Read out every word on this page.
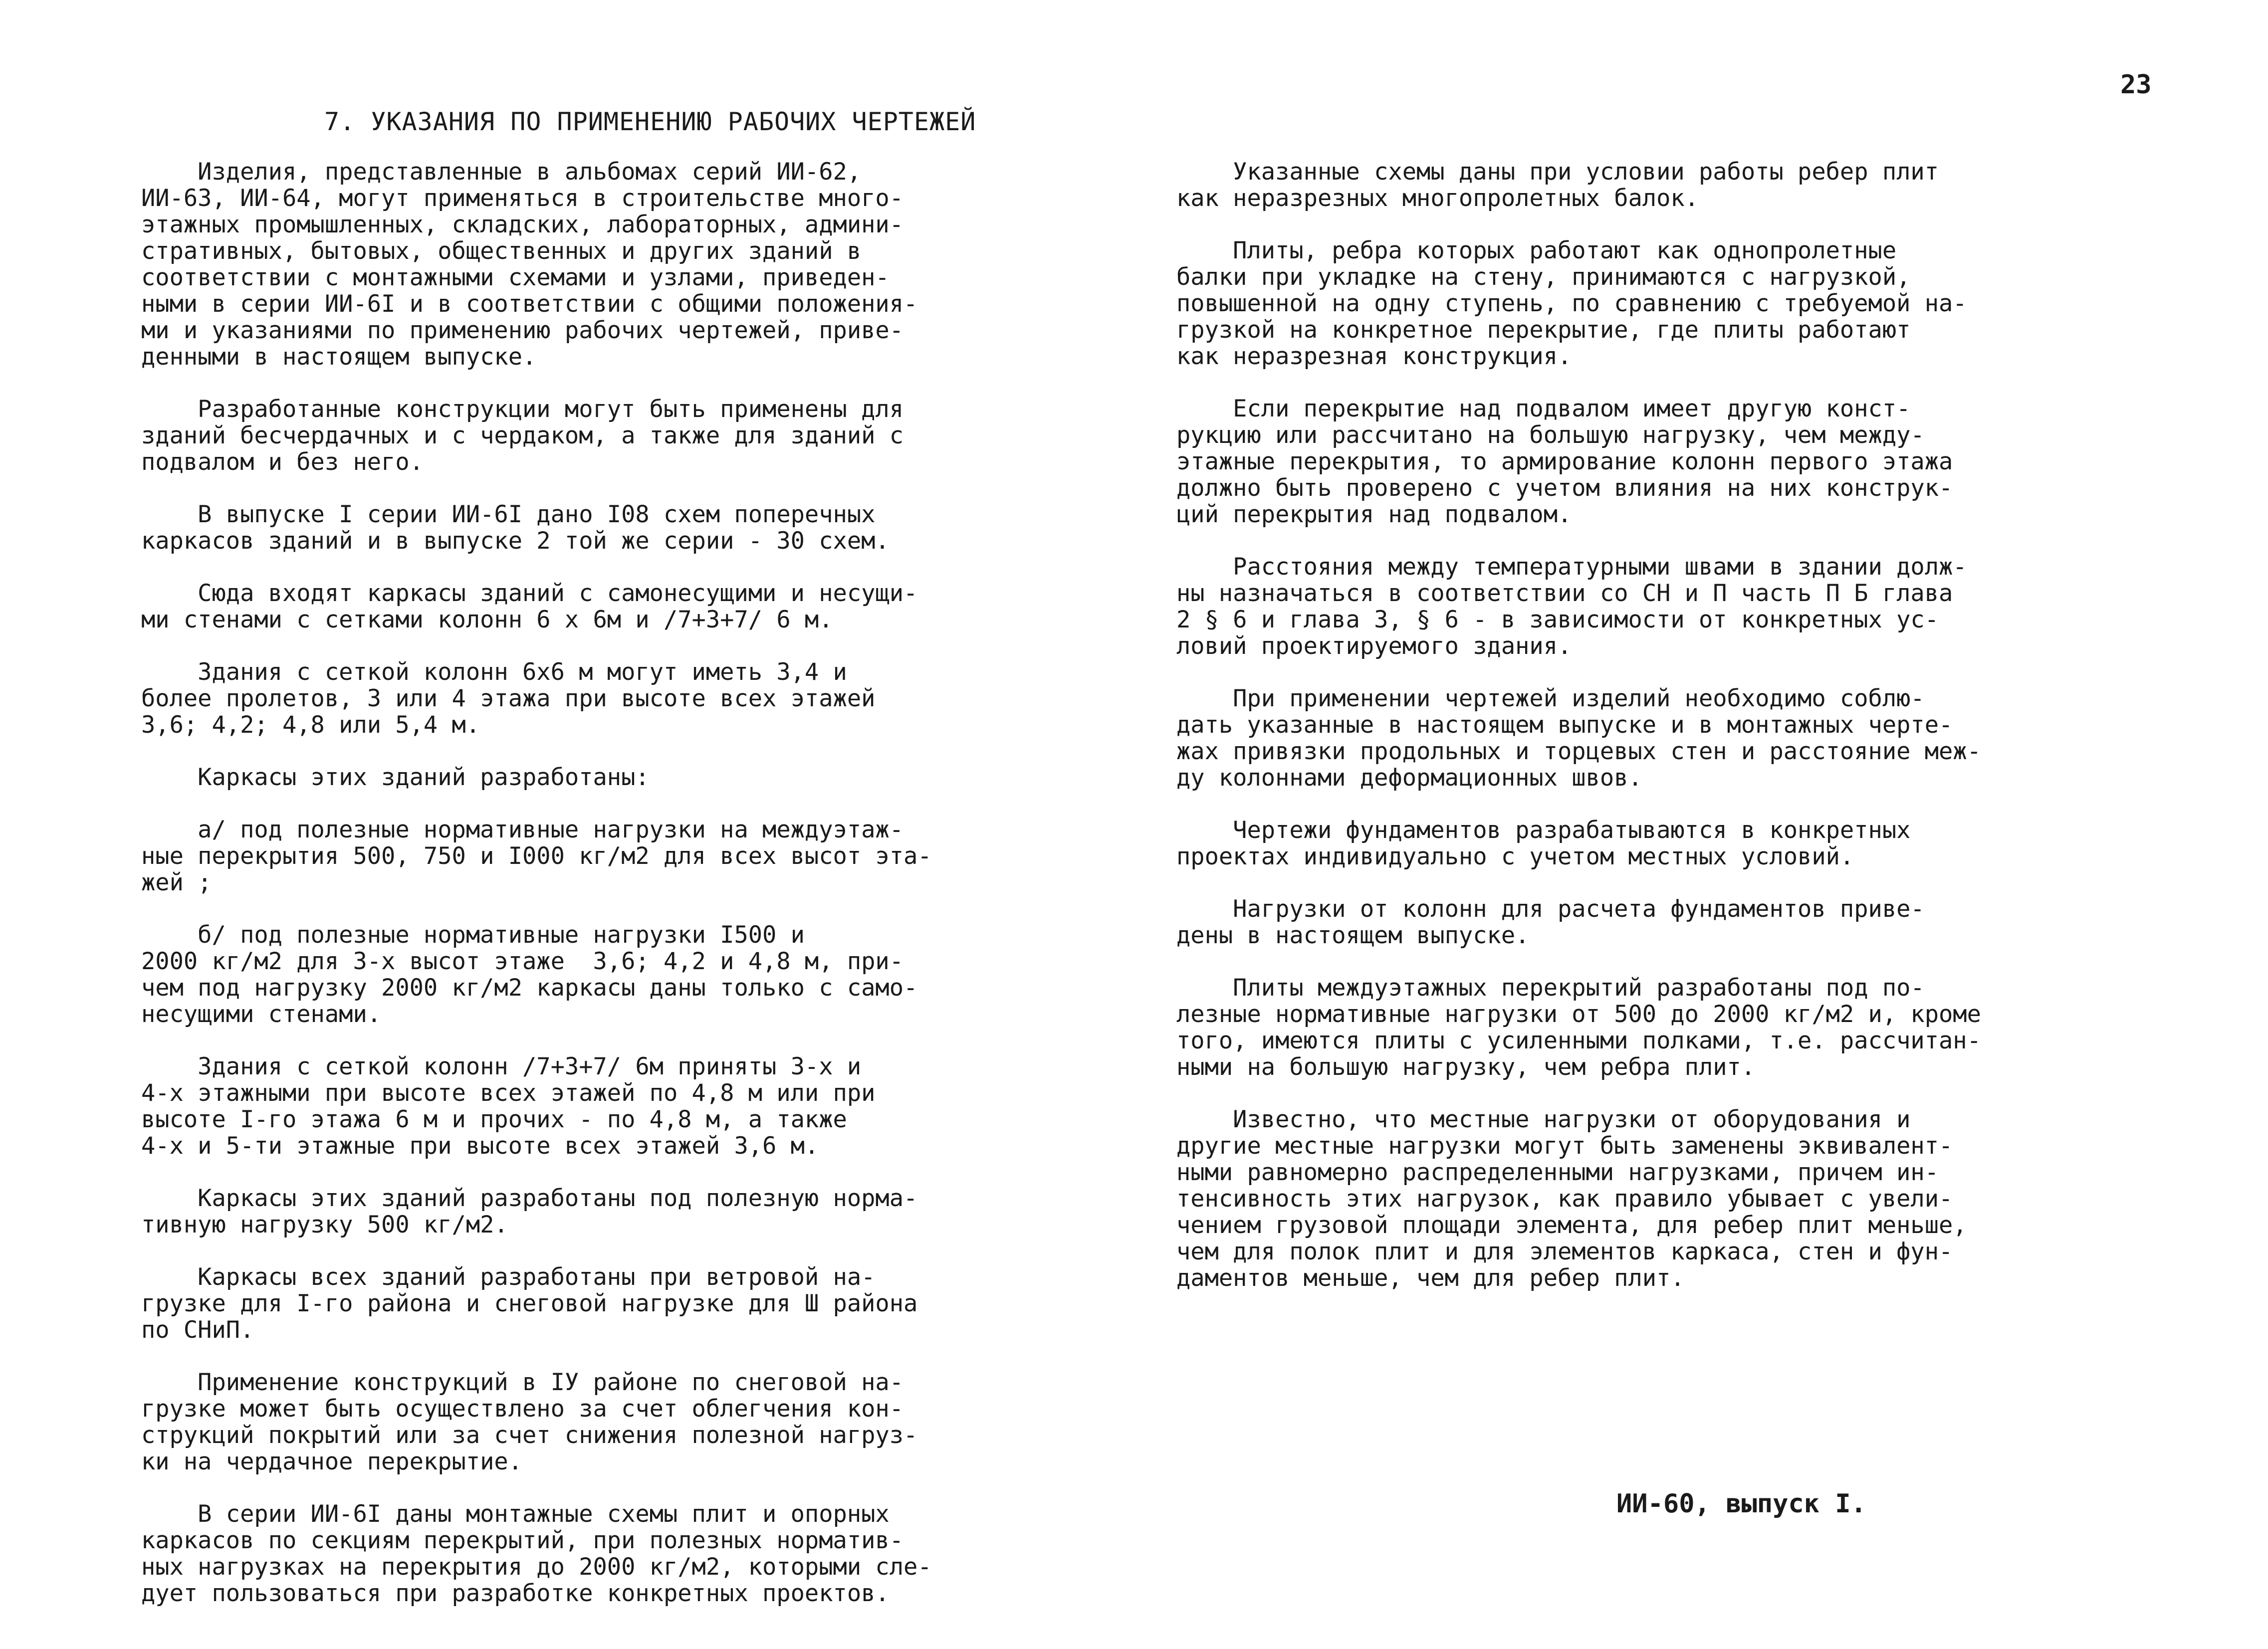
23
7. УКАЗАНИЯ ПО ПРИМЕНЕНИЮ РАБОЧИХ ЧЕРТЕЖЕЙ
Изделия, представленные в альбомах серий ИИ-62,
ИИ-63, ИИ-64, могут применяться в строительстве много-
этажных промышленных, складских, лабораторных, админи-
стративных, бытовых, общественных и других зданий в
соответствии с монтажными схемами и узлами, приведен-
ными в серии ИИ-6I и в соответствии с общими положения-
ми и указаниями по применению рабочих чертежей, приве-
денными в настоящем выпуске.
Разработанные конструкции могут быть применены для
зданий бесчердачных и с чердаком, а также для зданий с
подвалом и без него.
В выпуске I серии ИИ-6I дано I08 схем поперечных
каркасов зданий и в выпуске 2 той же серии - 30 схем.
Сюда входят каркасы зданий с самонесущими и несущи-
ми стенами с сетками колонн 6 х 6м и /7+3+7/ 6 м.
Здания с сеткой колонн 6х6 м могут иметь 3,4 и
более пролетов, 3 или 4 этажа при высоте всех этажей
3,6; 4,2; 4,8 или 5,4 м.
Каркасы этих зданий разработаны:
а/ под полезные нормативные нагрузки на междуэтаж-
ные перекрытия 500, 750 и I000 кг/м2 для всех высот эта-
жей ;
б/ под полезные нормативные нагрузки I500 и
2000 кг/м2 для 3-х высот этаже  3,6; 4,2 и 4,8 м, при-
чем под нагрузку 2000 кг/м2 каркасы даны только с само-
несущими стенами.
Здания с сеткой колонн /7+3+7/ 6м приняты 3-х и
4-х этажными при высоте всех этажей по 4,8 м или при
высоте I-го этажа 6 м и прочих - по 4,8 м, а также
4-х и 5-ти этажные при высоте всех этажей 3,6 м.
Каркасы этих зданий разработаны под полезную норма-
тивную нагрузку 500 кг/м2.
Каркасы всех зданий разработаны при ветровой на-
грузке для I-го района и снеговой нагрузке для Ш района
по СНиП.
Применение конструкций в IУ районе по снеговой на-
грузке может быть осуществлено за счет облегчения кон-
струкций покрытий или за счет снижения полезной нагруз-
ки на чердачное перекрытие.
В серии ИИ-6I даны монтажные схемы плит и опорных
каркасов по секциям перекрытий, при полезных норматив-
ных нагрузках на перекрытия до 2000 кг/м2, которыми сле-
дует пользоваться при разработке конкретных проектов.
Указанные схемы даны при условии работы ребер плит
как неразрезных многопролетных балок.
Плиты, ребра которых работают как однопролетные
балки при укладке на стену, принимаются с нагрузкой,
повышенной на одну ступень, по сравнению с требуемой на-
грузкой на конкретное перекрытие, где плиты работают
как неразрезная конструкция.
Если перекрытие над подвалом имеет другую конст-
рукцию или рассчитано на большую нагрузку, чем между-
этажные перекрытия, то армирование колонн первого этажа
должно быть проверено с учетом влияния на них конструк-
ций перекрытия над подвалом.
Расстояния между температурными швами в здании долж-
ны назначаться в соответствии со СН и П часть П Б глава
2 § 6 и глава 3, § 6 - в зависимости от конкретных ус-
ловий проектируемого здания.
При применении чертежей изделий необходимо соблю-
дать указанные в настоящем выпуске и в монтажных черте-
жах привязки продольных и торцевых стен и расстояние меж-
ду колоннами деформационных швов.
Чертежи фундаментов разрабатываются в конкретных
проектах индивидуально с учетом местных условий.
Нагрузки от колонн для расчета фундаментов приве-
дены в настоящем выпуске.
Плиты междуэтажных перекрытий разработаны под по-
лезные нормативные нагрузки от 500 до 2000 кг/м2 и, кроме
того, имеются плиты с усиленными полками, т.е. рассчитан-
ными на большую нагрузку, чем ребра плит.
Известно, что местные нагрузки от оборудования и
другие местные нагрузки могут быть заменены эквивалент-
ными равномерно распределенными нагрузками, причем ин-
тенсивность этих нагрузок, как правило убывает с увели-
чением грузовой площади элемента, для ребер плит меньше,
чем для полок плит и для элементов каркаса, стен и фун-
даментов меньше, чем для ребер плит.
ИИ-60, выпуск I.
